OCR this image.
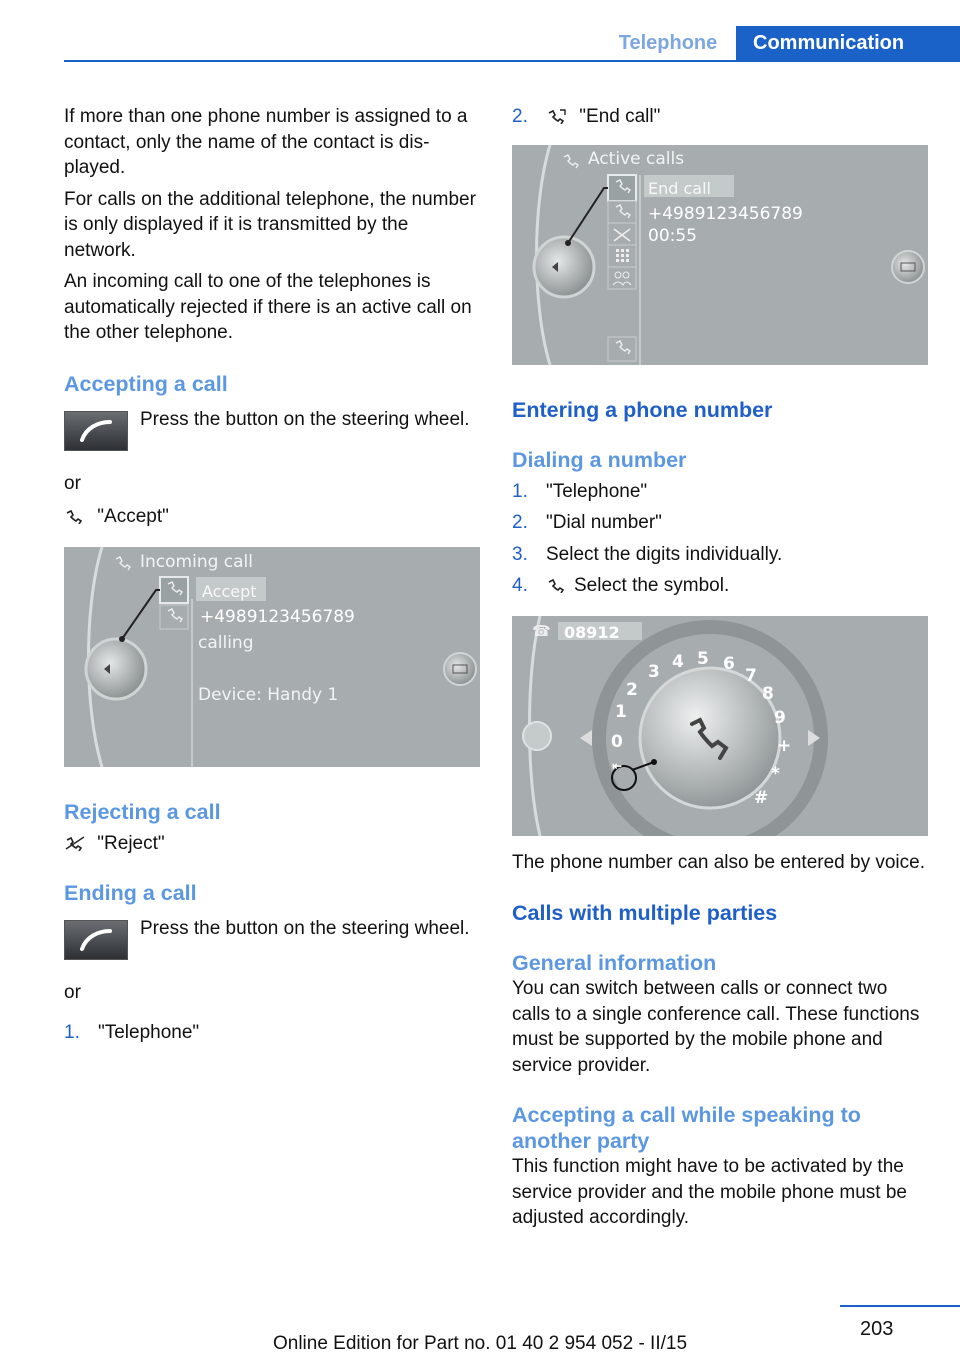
Telephone	Communication

If more than one phone number is assigned to a contact, only the name of the contact is displayed.

For calls on the additional telephone, the number is only displayed if it is transmitted by the network.

An incoming call to one of the telephones is automatically rejected if there is an active call on the other telephone.

Accepting a call
Press the button on the steering wheel.

or

"Accept"

Incoming call
Accept
+4989123456789
calling
Device: Handy 1
Rejecting a call

"Reject"

Ending a call
Press the button on the steering wheel.

or

1. "Telephone"
2.	"End call"
Active calls
End call
+4989123456789
00:55
Entering a phone number
Dialing a number
1. "Telephone"
2. "Dial number"
3. Select the digits individually.
4.	Select the symbol.
☎ 08912
0
1
2
3 4 5 6
7
8
9
+
*
#
⇤

The phone number can also be entered by voice.

Calls with multiple parties
General information

You can switch between calls or connect two calls to a single conference call. These functions must be supported by the mobile phone and service provider.

Accepting a call while speaking to another party

This function might have to be activated by the service provider and the mobile phone must be adjusted accordingly.

203
Online Edition for Part no. 01 40 2 954 052 - II/15
